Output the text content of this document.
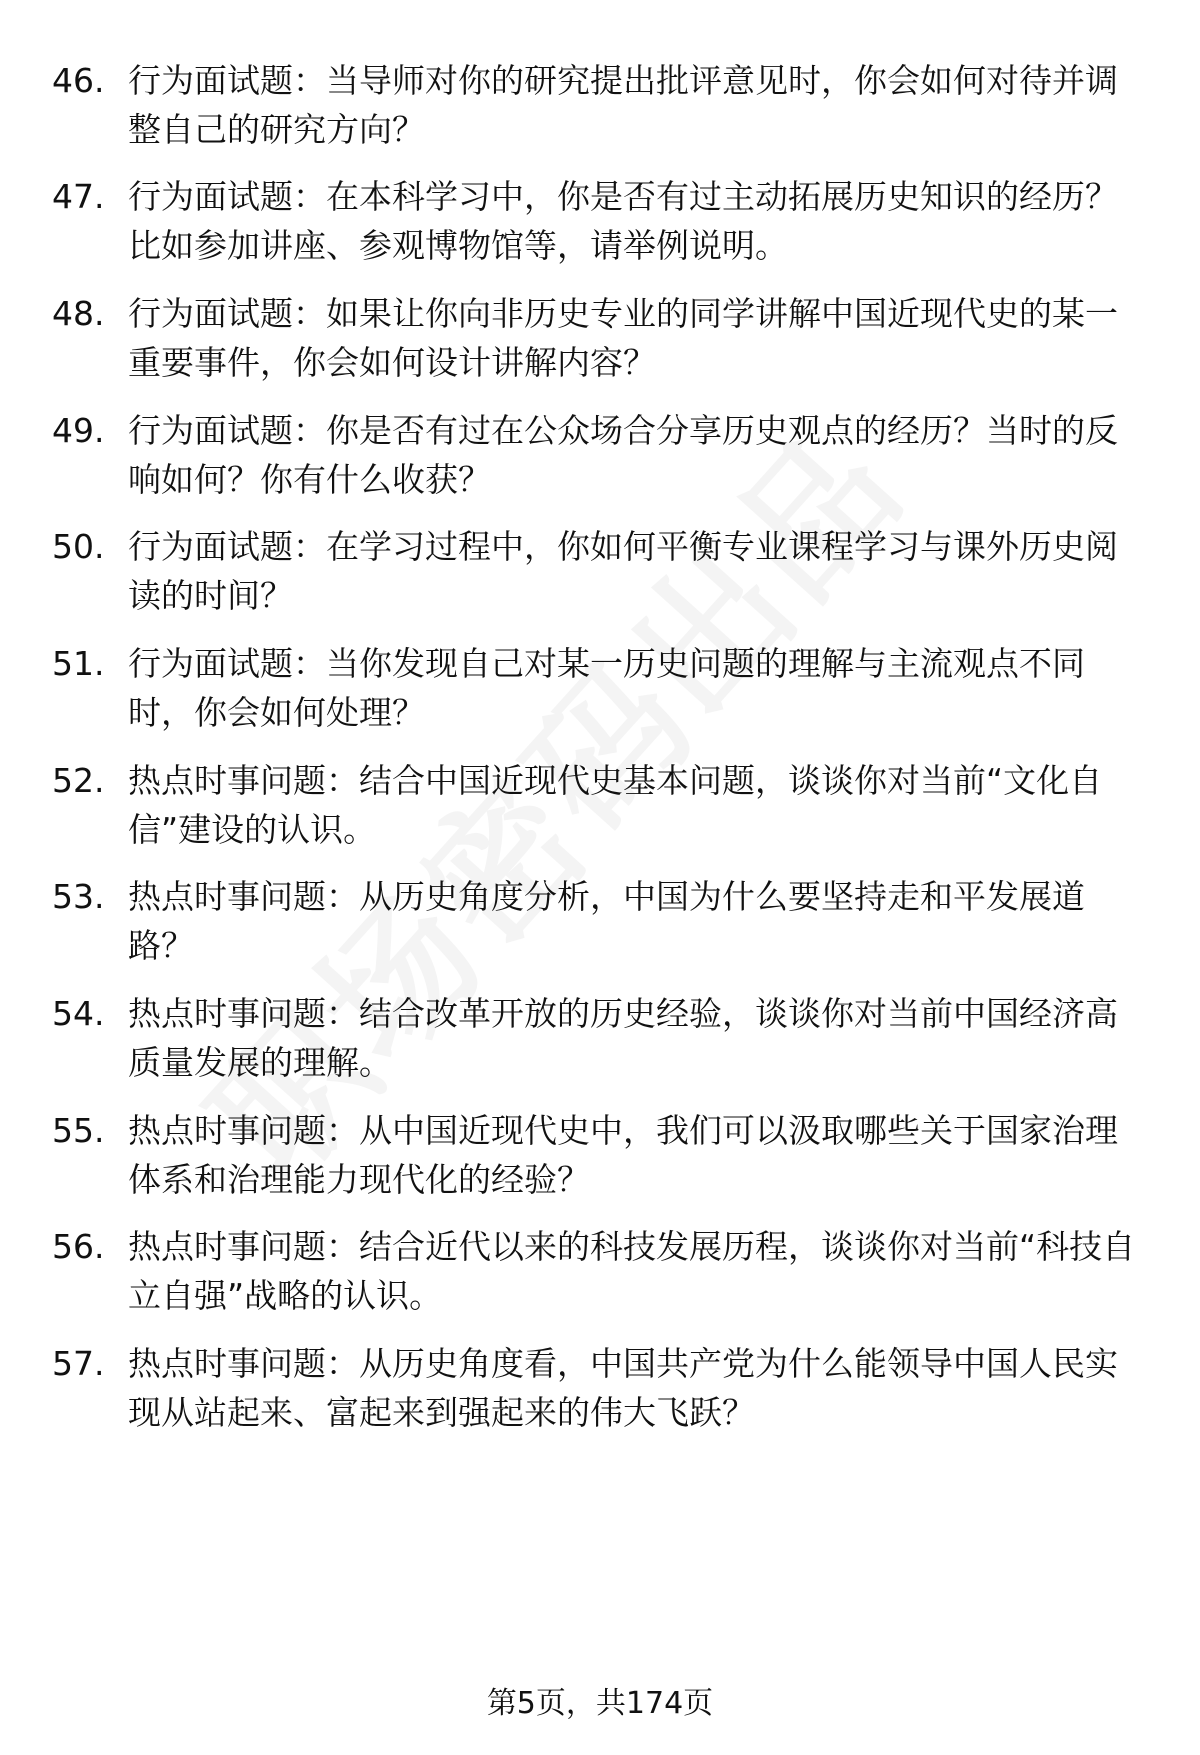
46. 行为面试题：当导师对你的研究提出批评意见时，你会如何对待并调整自己的研究方向？
47. 行为面试题：在本科学习中，你是否有过主动拓展历史知识的经历？比如参加讲座、参观博物馆等，请举例说明。
48. 行为面试题：如果让你向非历史专业的同学讲解中国近现代史的某一重要事件，你会如何设计讲解内容？
49. 行为面试题：你是否有过在公众场合分享历史观点的经历？当时的反响如何？你有什么收获？
50. 行为面试题：在学习过程中，你如何平衡专业课程学习与课外历史阅读的时间？
51. 行为面试题：当你发现自己对某一历史问题的理解与主流观点不同时，你会如何处理？
52. 热点时事问题：结合中国近现代史基本问题，谈谈你对当前“文化自信”建设的认识。
53. 热点时事问题：从历史角度分析，中国为什么要坚持走和平发展道路？
54. 热点时事问题：结合改革开放的历史经验，谈谈你对当前中国经济高质量发展的理解。
55. 热点时事问题：从中国近现代史中，我们可以汲取哪些关于国家治理体系和治理能力现代化的经验？
56. 热点时事问题：结合近代以来的科技发展历程，谈谈你对当前“科技自立自强”战略的认识。
57. 热点时事问题：从历史角度看，中国共产党为什么能领导中国人民实现从站起来、富起来到强起来的伟大飞跃？
第5页，共174页
